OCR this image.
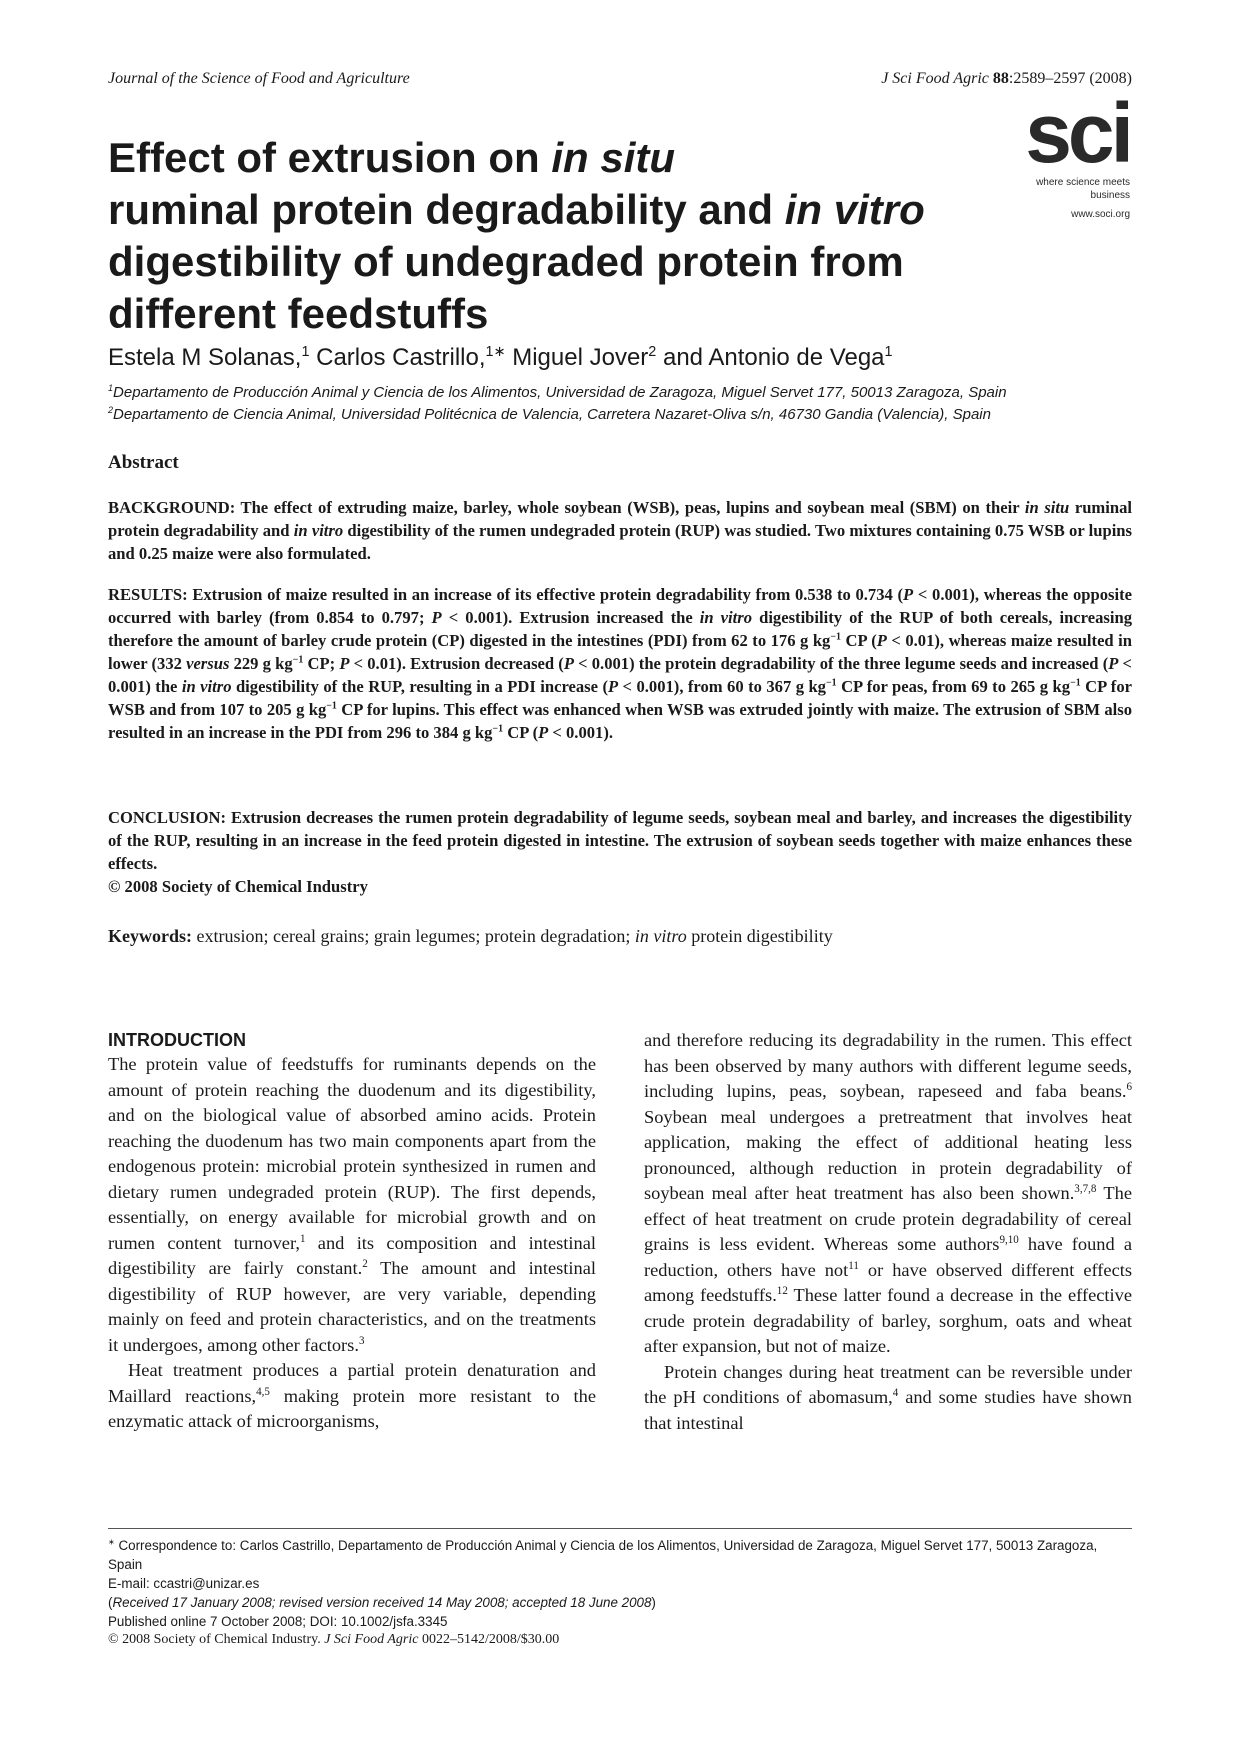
Journal of the Science of Food and Agriculture	J Sci Food Agric 88:2589–2597 (2008)
sci
where science meets business
www.soci.org
Effect of extrusion on in situ
ruminal protein degradability and in vitro
digestibility of undegraded protein from different feedstuffs
Estela M Solanas,$^1$ Carlos Castrillo,$^{1∗}$ Miguel Jover$^2$ and Antonio de Vega$^1$
$^1$Departamento de Producción Animal y Ciencia de los Alimentos, Universidad de Zaragoza, Miguel Servet 177, 50013 Zaragoza, Spain
$^2$Departamento de Ciencia Animal, Universidad Politécnica de Valencia, Carretera Nazaret-Oliva s/n, 46730 Gandia (Valencia), Spain
Abstract
BACKGROUND: The effect of extruding maize, barley, whole soybean (WSB), peas, lupins and soybean meal (SBM) on their in situ ruminal protein degradability and in vitro digestibility of the rumen undegraded protein (RUP) was studied. Two mixtures containing 0.75 WSB or lupins and 0.25 maize were also formulated.
RESULTS: Extrusion of maize resulted in an increase of its effective protein degradability from 0.538 to 0.734 (P < 0.001), whereas the opposite occurred with barley (from 0.854 to 0.797; P < 0.001). Extrusion increased the in vitro digestibility of the RUP of both cereals, increasing therefore the amount of barley crude protein (CP) digested in the intestines (PDI) from 62 to 176 g $kg^{-1}$ CP (P < 0.01), whereas maize resulted in lower (332 versus 229 g $kg^{-1}$ CP; P < 0.01). Extrusion decreased (P < 0.001) the protein degradability of the three legume seeds and increased (P < 0.001) the in vitro digestibility of the RUP, resulting in a PDI increase (P < 0.001), from 60 to 367 g $kg^{-1}$ CP for peas, from 69 to 265 g $kg^{-1}$ CP for WSB and from 107 to 205 g $kg^{-1}$ CP for lupins. This effect was enhanced when WSB was extruded jointly with maize. The extrusion of SBM also resulted in an increase in the PDI from 296 to 384 g $kg^{-1}$ CP (P < 0.001).
CONCLUSION: Extrusion decreases the rumen protein degradability of legume seeds, soybean meal and barley, and increases the digestibility of the RUP, resulting in an increase in the feed protein digested in intestine. The extrusion of soybean seeds together with maize enhances these effects.
© 2008 Society of Chemical Industry
Keywords: extrusion; cereal grains; grain legumes; protein degradation; in vitro protein digestibility

INTRODUCTION

The protein value of feedstuffs for ruminants depends on the amount of protein reaching the duodenum and its digestibility, and on the biological value of absorbed amino acids. Protein reaching the duodenum has two main components apart from the endogenous protein: microbial protein synthesized in rumen and dietary rumen undegraded protein (RUP). The first depends, essentially, on energy available for microbial growth and on rumen content turnover,$^1$ and its composition and intestinal digestibility are fairly constant.$^2$ The amount and intestinal digestibility of RUP however, are very variable, depending mainly on feed and protein characteristics, and on the treatments it undergoes, among other factors.$^3$

Heat treatment produces a partial protein denaturation and Maillard reactions,$^{4,5}$ making protein more resistant to the enzymatic attack of microorganisms,

and therefore reducing its degradability in the rumen. This effect has been observed by many authors with different legume seeds, including lupins, peas, soybean, rapeseed and faba beans.$^6$ Soybean meal undergoes a pretreatment that involves heat application, making the effect of additional heating less pronounced, although reduction in protein degradability of soybean meal after heat treatment has also been shown.$^{3,7,8}$ The effect of heat treatment on crude protein degradability of cereal grains is less evident. Whereas some authors$^{9,10}$ have found a reduction, others have not$^{11}$ or have observed different effects among feedstuffs.$^{12}$ These latter found a decrease in the effective crude protein degradability of barley, sorghum, oats and wheat after expansion, but not of maize.

Protein changes during heat treatment can be reversible under the pH conditions of abomasum,$^4$ and some studies have shown that intestinal

∗ Correspondence to: Carlos Castrillo, Departamento de Producción Animal y Ciencia de los Alimentos, Universidad de Zaragoza, Miguel Servet 177, 50013 Zaragoza, Spain
E-mail: ccastri@unizar.es
(Received 17 January 2008; revised version received 14 May 2008; accepted 18 June 2008)
Published online 7 October 2008; DOI: 10.1002/jsfa.3345
© 2008 Society of Chemical Industry. J Sci Food Agric 0022–5142/2008/$30.00
